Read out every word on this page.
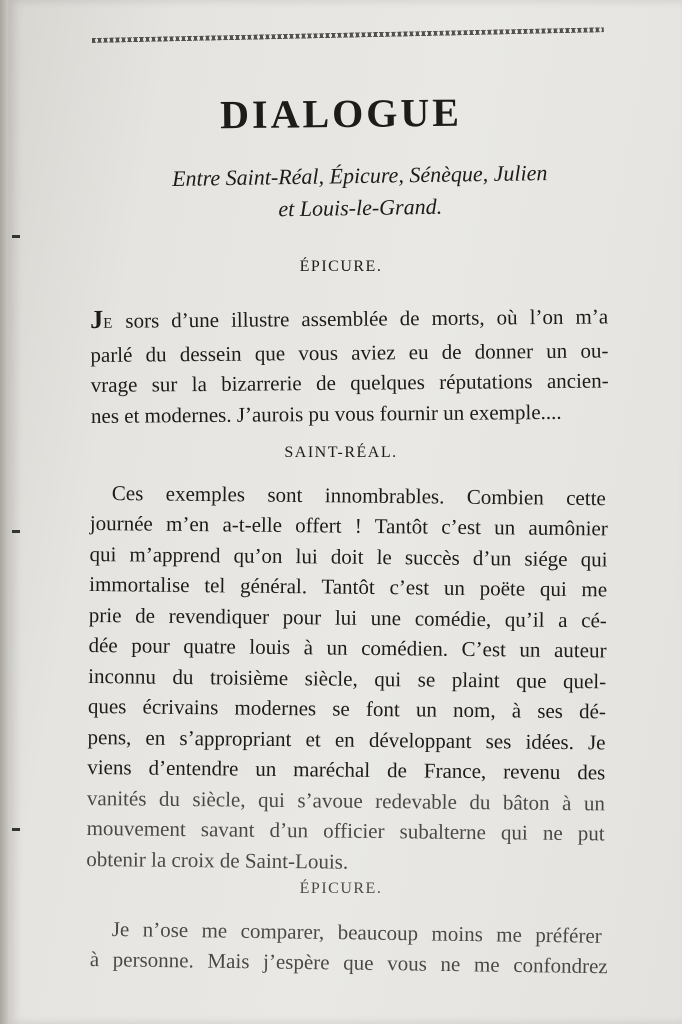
DIALOGUE
Entre Saint-Réal, Épicure, Sénèque, Julien
et Louis-le-Grand.
ÉPICURE.
JE sors d’une illustre assemblée de morts, où l’on m’a
parlé du dessein que vous aviez eu de donner un ou-
vrage sur la bizarrerie de quelques réputations ancien-
nes et modernes. J’aurois pu vous fournir un exemple....
SAINT-RÉAL.
Ces exemples sont innombrables. Combien cette
journée m’en a-t-elle offert ! Tantôt c’est un aumônier
qui m’apprend qu’on lui doit le succès d’un siége qui
immortalise tel général. Tantôt c’est un poëte qui me
prie de revendiquer pour lui une comédie, qu’il a cé-
dée pour quatre louis à un comédien. C’est un auteur
inconnu du troisième siècle, qui se plaint que quel-
ques écrivains modernes se font un nom, à ses dé-
pens, en s’appropriant et en développant ses idées. Je
viens d’entendre un maréchal de France, revenu des
vanités du siècle, qui s’avoue redevable du bâton à un
mouvement savant d’un officier subalterne qui ne put
obtenir la croix de Saint-Louis.
ÉPICURE.
Je n’ose me comparer, beaucoup moins me préférer
à personne. Mais j’espère que vous ne me confondrez
